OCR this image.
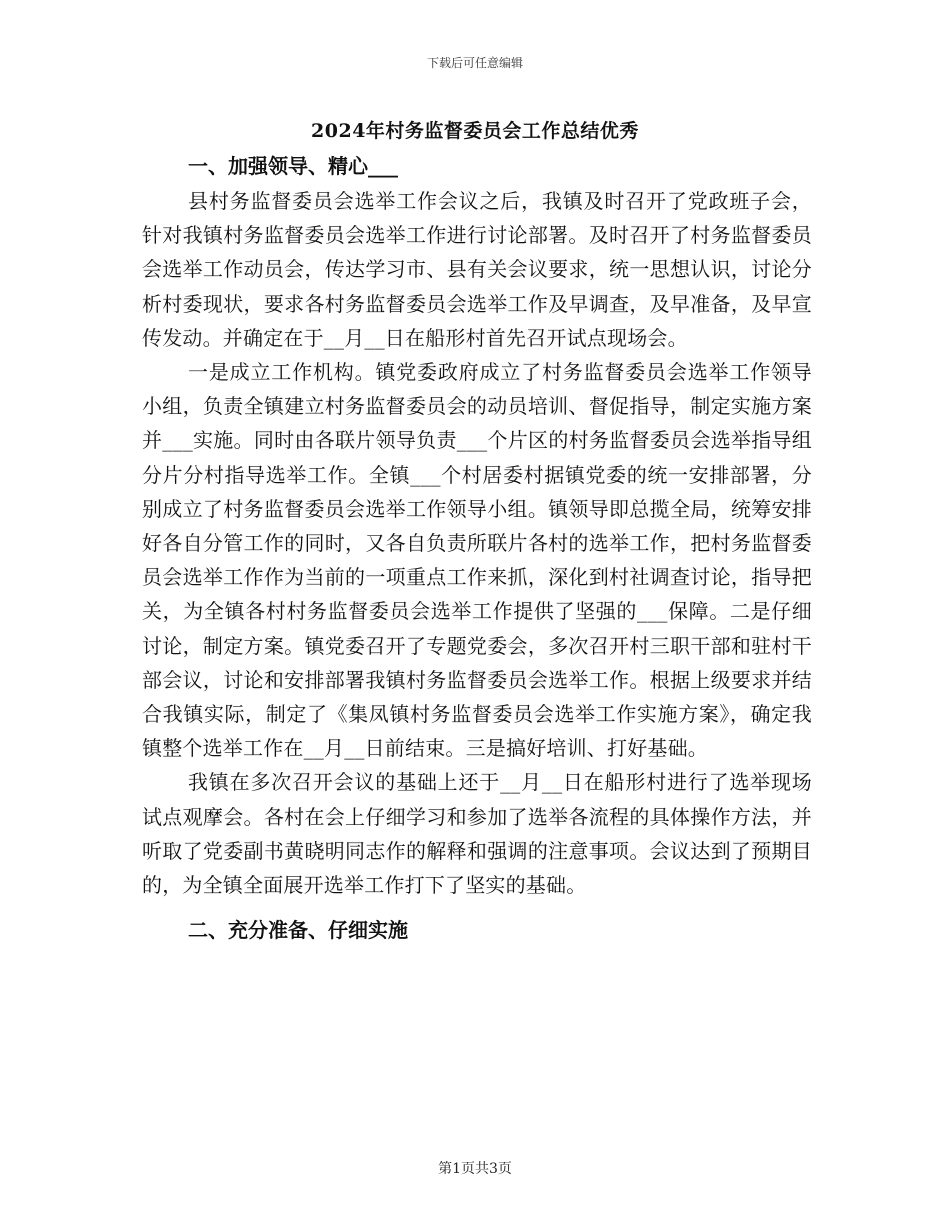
下载后可任意编辑
2024年村务监督委员会工作总结优秀

一、加强领导、精心___

县村务监督委员会选举工作会议之后，我镇及时召开了党政班子会，针对我镇村务监督委员会选举工作进行讨论部署。及时召开了村务监督委员会选举工作动员会，传达学习市、县有关会议要求，统一思想认识，讨论分析村委现状，要求各村务监督委员会选举工作及早调查，及早准备，及早宣传发动。并确定在于__月__日在船形村首先召开试点现场会。

一是成立工作机构。镇党委政府成立了村务监督委员会选举工作领导小组，负责全镇建立村务监督委员会的动员培训、督促指导，制定实施方案并___实施。同时由各联片领导负责___个片区的村务监督委员会选举指导组分片分村指导选举工作。全镇___个村居委村据镇党委的统一安排部署，分别成立了村务监督委员会选举工作领导小组。镇领导即总揽全局，统筹安排好各自分管工作的同时，又各自负责所联片各村的选举工作，把村务监督委员会选举工作作为当前的一项重点工作来抓，深化到村社调查讨论，指导把关，为全镇各村村务监督委员会选举工作提供了坚强的___保障。二是仔细讨论，制定方案。镇党委召开了专题党委会，多次召开村三职干部和驻村干部会议，讨论和安排部署我镇村务监督委员会选举工作。根据上级要求并结合我镇实际，制定了《集凤镇村务监督委员会选举工作实施方案》，确定我镇整个选举工作在__月__日前结束。三是搞好培训、打好基础。

我镇在多次召开会议的基础上还于__月__日在船形村进行了选举现场试点观摩会。各村在会上仔细学习和参加了选举各流程的具体操作方法，并听取了党委副书黄晓明同志作的解释和强调的注意事项。会议达到了预期目的，为全镇全面展开选举工作打下了坚实的基础。

二、充分准备、仔细实施

第1页共3页
